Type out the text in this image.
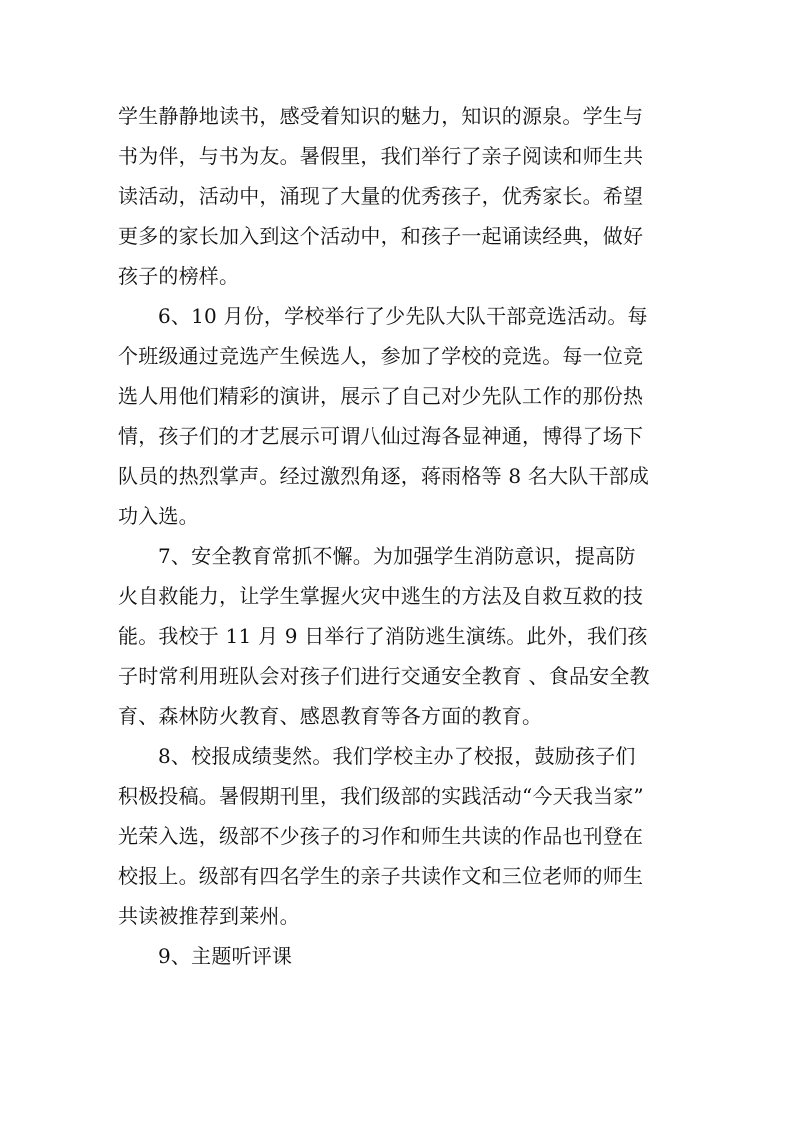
学生静静地读书，感受着知识的魅力，知识的源泉。学生与
书为伴，与书为友。暑假里，我们举行了亲子阅读和师生共
读活动，活动中，涌现了大量的优秀孩子，优秀家长。希望
更多的家长加入到这个活动中，和孩子一起诵读经典，做好
孩子的榜样。
6、10 月份，学校举行了少先队大队干部竞选活动。每
个班级通过竞选产生候选人，参加了学校的竞选。每一位竞
选人用他们精彩的演讲，展示了自己对少先队工作的那份热
情，孩子们的才艺展示可谓八仙过海各显神通，博得了场下
队员的热烈掌声。经过激烈角逐，蒋雨格等 8 名大队干部成
功入选。
7、安全教育常抓不懈。为加强学生消防意识，提高防
火自救能力，让学生掌握火灾中逃生的方法及自救互救的技
能。我校于 11 月 9 日举行了消防逃生演练。此外，我们孩
子时常利用班队会对孩子们进行交通安全教育 、食品安全教
育、森林防火教育、感恩教育等各方面的教育。
8、校报成绩斐然。我们学校主办了校报，鼓励孩子们
积极投稿。暑假期刊里，我们级部的实践活动“今天我当家”
光荣入选，级部不少孩子的习作和师生共读的作品也刊登在
校报上。级部有四名学生的亲子共读作文和三位老师的师生
共读被推荐到莱州。
9、主题听评课
